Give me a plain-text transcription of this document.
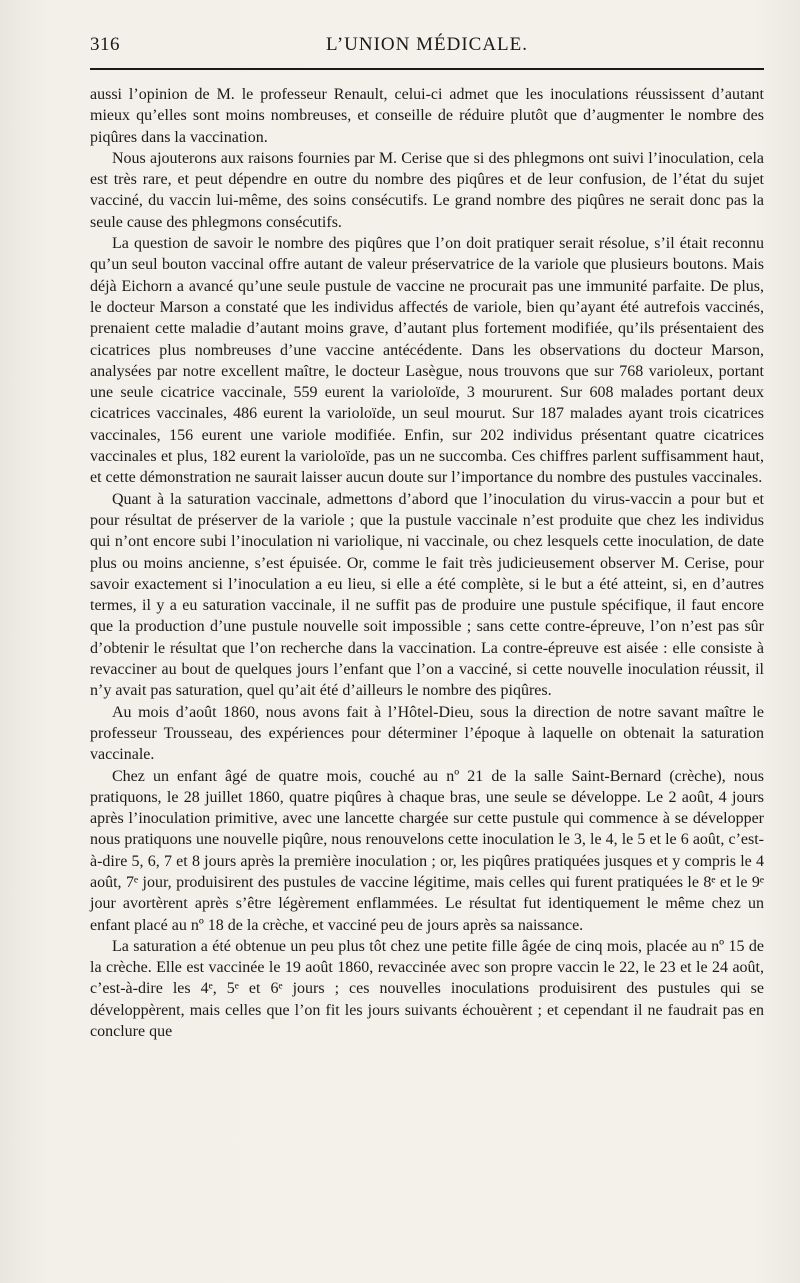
316	L’UNION MÉDICALE.

aussi l’opinion de M. le professeur Renault, celui-ci admet que les inoculations réussissent d’autant mieux qu’elles sont moins nombreuses, et conseille de réduire plutôt que d’augmenter le nombre des piqûres dans la vaccination.

Nous ajouterons aux raisons fournies par M. Cerise que si des phlegmons ont suivi l’inoculation, cela est très rare, et peut dépendre en outre du nombre des piqûres et de leur confusion, de l’état du sujet vacciné, du vaccin lui-même, des soins consécutifs. Le grand nombre des piqûres ne serait donc pas la seule cause des phlegmons consécutifs.

La question de savoir le nombre des piqûres que l’on doit pratiquer serait résolue, s’il était reconnu qu’un seul bouton vaccinal offre autant de valeur préservatrice de la variole que plusieurs boutons. Mais déjà Eichorn a avancé qu’une seule pustule de vaccine ne procurait pas une immunité parfaite. De plus, le docteur Marson a constaté que les individus affectés de variole, bien qu’ayant été autrefois vaccinés, prenaient cette maladie d’autant moins grave, d’autant plus fortement modifiée, qu’ils présentaient des cicatrices plus nombreuses d’une vaccine antécédente. Dans les observations du docteur Marson, analysées par notre excellent maître, le docteur Lasègue, nous trouvons que sur 768 varioleux, portant une seule cicatrice vaccinale, 559 eurent la varioloïde, 3 moururent. Sur 608 malades portant deux cicatrices vaccinales, 486 eurent la varioloïde, un seul mourut. Sur 187 malades ayant trois cicatrices vaccinales, 156 eurent une variole modifiée. Enfin, sur 202 individus présentant quatre cicatrices vaccinales et plus, 182 eurent la varioloïde, pas un ne succomba. Ces chiffres parlent suffisamment haut, et cette démonstration ne saurait laisser aucun doute sur l’importance du nombre des pustules vaccinales.

Quant à la saturation vaccinale, admettons d’abord que l’inoculation du virus-vaccin a pour but et pour résultat de préserver de la variole ; que la pustule vaccinale n’est produite que chez les individus qui n’ont encore subi l’inoculation ni variolique, ni vaccinale, ou chez lesquels cette inoculation, de date plus ou moins ancienne, s’est épuisée. Or, comme le fait très judicieusement observer M. Cerise, pour savoir exactement si l’inoculation a eu lieu, si elle a été complète, si le but a été atteint, si, en d’autres termes, il y a eu saturation vaccinale, il ne suffit pas de produire une pustule spécifique, il faut encore que la production d’une pustule nouvelle soit impossible ; sans cette contre-épreuve, l’on n’est pas sûr d’obtenir le résultat que l’on recherche dans la vaccination. La contre-épreuve est aisée : elle consiste à revacciner au bout de quelques jours l’enfant que l’on a vacciné, si cette nouvelle inoculation réussit, il n’y avait pas saturation, quel qu’ait été d’ailleurs le nombre des piqûres.

Au mois d’août 1860, nous avons fait à l’Hôtel-Dieu, sous la direction de notre savant maître le professeur Trousseau, des expériences pour déterminer l’époque à laquelle on obtenait la saturation vaccinale.

Chez un enfant âgé de quatre mois, couché au nº 21 de la salle Saint-Bernard (crèche), nous pratiquons, le 28 juillet 1860, quatre piqûres à chaque bras, une seule se développe. Le 2 août, 4 jours après l’inoculation primitive, avec une lancette chargée sur cette pustule qui commence à se développer nous pratiquons une nouvelle piqûre, nous renouvelons cette inoculation le 3, le 4, le 5 et le 6 août, c’est-à-dire 5, 6, 7 et 8 jours après la première inoculation ; or, les piqûres pratiquées jusques et y compris le 4 août, 7ᵉ jour, produisirent des pustules de vaccine légitime, mais celles qui furent pratiquées le 8ᵉ et le 9ᵉ jour avortèrent après s’être légèrement enflammées. Le résultat fut identiquement le même chez un enfant placé au nº 18 de la crèche, et vacciné peu de jours après sa naissance.

La saturation a été obtenue un peu plus tôt chez une petite fille âgée de cinq mois, placée au nº 15 de la crèche. Elle est vaccinée le 19 août 1860, revaccinée avec son propre vaccin le 22, le 23 et le 24 août, c’est-à-dire les 4ᵉ, 5ᵉ et 6ᵉ jours ; ces nouvelles inoculations produisirent des pustules qui se développèrent, mais celles que l’on fit les jours suivants échouèrent ; et cependant il ne faudrait pas en conclure que
